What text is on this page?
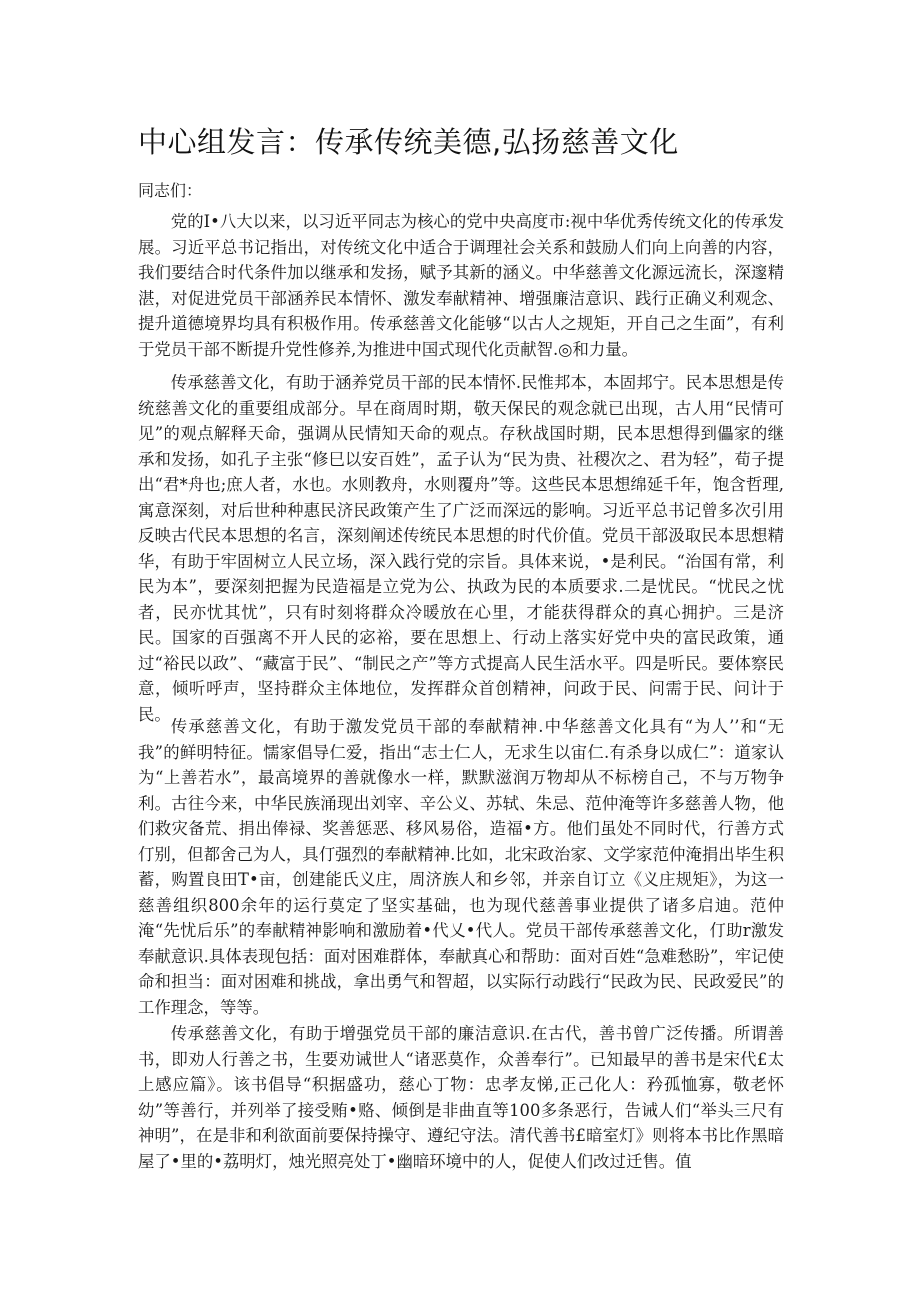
中心组发言：传承传统美德,弘扬慈善文化

同志们：

党的I•八大以来，以习近平同志为核心的党中央高度市:视中华优秀传统文化的传承发展。习近平总书记指出，对传统文化中适合于调理社会关系和鼓励人们向上向善的内容，我们要结合时代条件加以继承和发扬，赋予其新的涵义。中华慈善文化源远流长，深邃精湛，对促进党员干部涵养民本情怀、激发奉献精神、增强廉洁意识、践行正确义利观念、提升道德境界均具有积极作用。传承慈善文化能够“以古人之规矩，开自己之生面”，有利于党员干部不断提升党性修养,为推进中国式现代化贡献智.◎和力量。

传承慈善文化，有助于涵养党员干部的民本情怀.民惟邦本，本固邦宁。民本思想是传统慈善文化的重要组成部分。早在商周时期，敬天保民的观念就已出现，古人用“民情可见”的观点解释天命，强调从民情知天命的观点。存秋战国时期，民本思想得到儡家的继承和发扬，如孔子主张“修巳以安百姓”，孟子认为“民为贵、社稷次之、君为轻”，荀子提出“君*舟也;庶人者，水也。水则教舟，水则覆舟”等。这些民本思想绵延千年，饱含哲理,寓意深刻，对后世种种惠民济民政策产生了广泛而深远的影响。习近平总书记曾多次引用反映古代民本思想的名言，深刻阐述传统民本思想的时代价值。党员干部汲取民本思想精华，有助于牢固树立人民立场，深入践行党的宗旨。具体来说，•是利民。“治国有常，利民为本”，要深刻把握为民造福是立党为公、执政为民的本质要求.二是忧民。“忧民之忧者，民亦忧其忧”，只有时刻将群众冷暖放在心里，才能获得群众的真心拥护。三是济民。国家的百强离不开人民的宓裕，要在思想上、行动上落实好党中央的富民政策，通过“裕民以政”、“藏富于民”、“制民之产”等方式提高人民生活水平。四是听民。要体察民意，倾听呼声，坚持群众主体地位，发挥群众首创精神，问政于民、问需于民、问计于民。

传承慈善文化，有助于激发党员干部的奉献精神.中华慈善文化具有“为人’’和“无我”的鲜明特征。懦家倡导仁爱，指出“志士仁人，无求生以宙仁.有杀身以成仁”：道家认为“上善若水”，最高境界的善就像水一样，默默滋润万物却从不标榜自己，不与万物争利。古往今来，中华民族涌现出刘宰、辛公义、苏轼、朱忌、范仲淹等许多慈善人物，他们救灾备荒、捐出俸禄、奖善惩恶、移风易俗，造福•方。他们虽处不同时代，行善方式仃别，但都舍己为人，具仃强烈的奉献精神.比如，北宋政治家、文学家范仲淹捐出毕生积蓄，购置良田T•亩，创建能氏义庄，周济族人和乡邻，并亲自订立《义庄规矩》，为这一慈善组织800余年的运行莫定了坚实基础，也为现代慈善事业提供了诸多启迪。范仲淹“先忧后乐”的奉献精神影响和激励着•代乂•代人。党员干部传承慈善文化，仃助r激发奉献意识.具体表现包括：面对困难群体，奉献真心和帮助：面对百姓“急难愁盼”，牢记使命和担当：面对困难和挑战，拿出勇气和智超，以实际行动践行“民政为民、民政爱民”的工作理念，等等。

传承慈善文化，有助于增强党员干部的廉洁意识.在古代，善书曾广泛传播。所谓善书，即劝人行善之书，生要劝诫世人“诸恶莫作，众善奉行”。已知最早的善书是宋代£太上感应篇》。该书倡导“积据盛功，慈心丁物：忠孝友悌,正己化人：矜孤恤寡，敬老怀幼”等善行，并列举了接受贿•赂、倾倒是非曲直等100多条恶行，告诫人们“举头三尺有神明”，在是非和利欲面前要保持操守、遵纪守法。清代善书£暗室灯》则将本书比作黑暗屋了•里的•荔明灯，烛光照亮处丁•幽暗环境中的人，促使人们改过迁售。值
